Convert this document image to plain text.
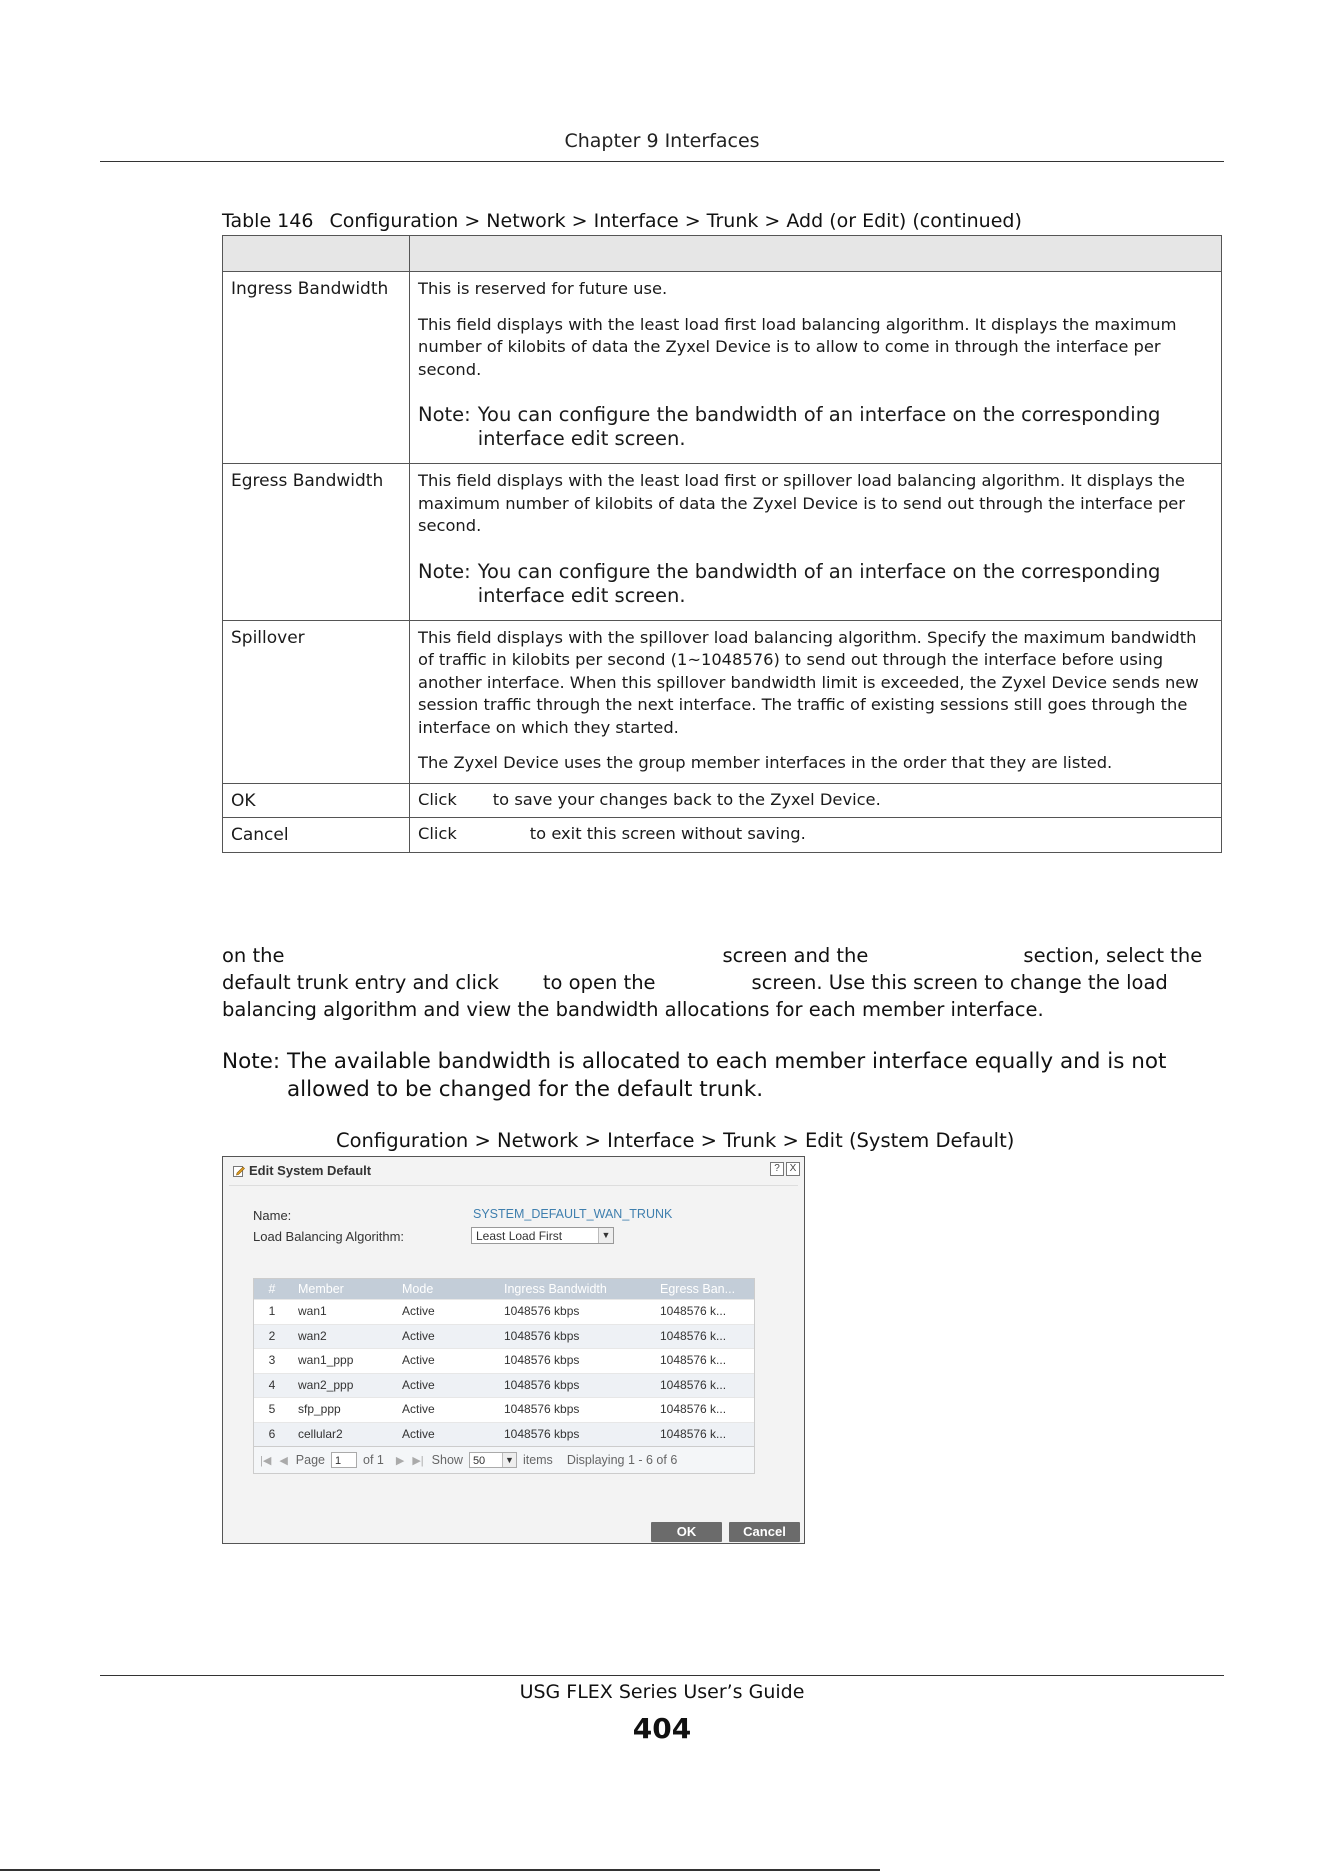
Chapter 9 Interfaces
Table 146 Configuration > Network > Interface > Trunk > Add (or Edit) (continued)

Ingress Bandwidth	This is reserved for future use.

This field displays with the least load first load balancing algorithm. It displays the maximum number of kilobits of data the Zyxel Device is to allow to come in through the interface per second.

Note: You can configure the bandwidth of an interface on the corresponding
interface edit screen.

Egress Bandwidth	This field displays with the least load first or spillover load balancing algorithm. It displays the maximum number of kilobits of data the Zyxel Device is to send out through the interface per second.

Note: You can configure the bandwidth of an interface on the corresponding
interface edit screen.

Spillover	This field displays with the spillover load balancing algorithm. Specify the maximum bandwidth of traffic in kilobits per second (1~1048576) to send out through the interface before using another interface. When this spillover bandwidth limit is exceeded, the Zyxel Device sends new session traffic through the next interface. The traffic of existing sessions still goes through the interface on which they started.

The Zyxel Device uses the group member interfaces in the order that they are listed.

OK	Click to save your changes back to the Zyxel Device.
Cancel	Click to exit this screen without saving.
on the	screen and the	section, select the
default trunk entry and click to open the	screen. Use this screen to change the load
balancing algorithm and view the bandwidth allocations for each member interface.
Note: The available bandwidth is allocated to each member interface equally and is not
allowed to be changed for the default trunk.
Configuration > Network > Interface > Trunk > Edit (System Default)
Edit System Default	? X
Name:	SYSTEM_DEFAULT_WAN_TRUNK
Load Balancing Algorithm:	Least Load First	▼
#	Member	Mode	Ingress Bandwidth	Egress Ban...
1	wan1	Active	1048576 kbps	1048576 k...
2	wan2	Active	1048576 kbps	1048576 k...
3	wan1_ppp	Active	1048576 kbps	1048576 k...
4	wan2_ppp	Active	1048576 kbps	1048576 k...
5	sfp_ppp	Active	1048576 kbps	1048576 k...
6	cellular2	Active	1048576 kbps	1048576 k...
|◀ ◀ Page 1	of 1 ▶ ▶| Show 50	▼ items Displaying 1 - 6 of 6
OK	Cancel
USG FLEX Series User’s Guide
404
